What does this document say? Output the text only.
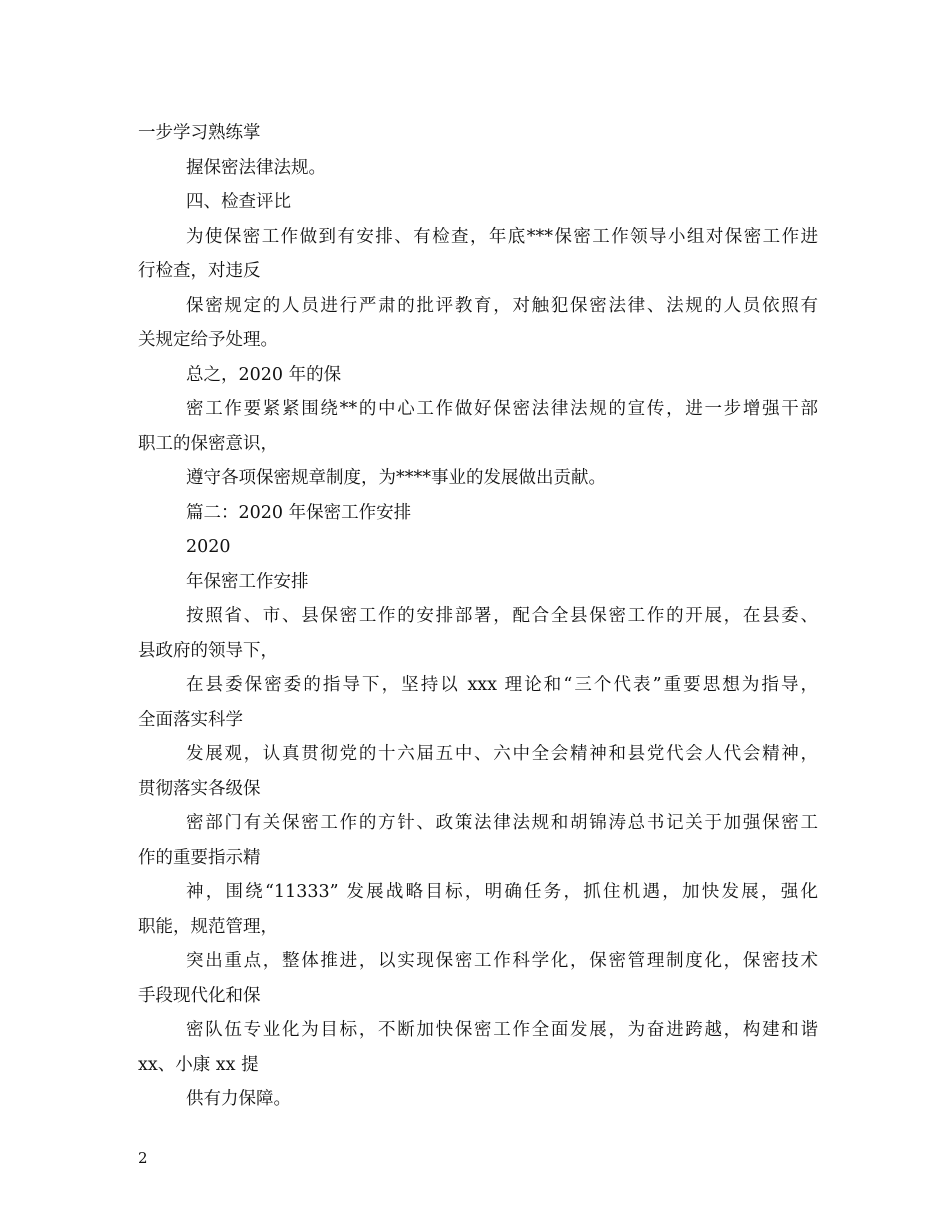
一步学习熟练掌

握保密法律法规。

四、检查评比

为使保密工作做到有安排、有检查，年底***保密工作领导小组对保密工作进
行检查，对违反

保密规定的人员进行严肃的批评教育，对触犯保密法律、法规的人员依照有
关规定给予处理。

总之，2020 年的保

密工作要紧紧围绕**的中心工作做好保密法律法规的宣传，进一步增强干部
职工的保密意识，

遵守各项保密规章制度，为****事业的发展做出贡献。

篇二：2020 年保密工作安排

2020

年保密工作安排

按照省、市、县保密工作的安排部署，配合全县保密工作的开展，在县委、
县政府的领导下，

在县委保密委的指导下，坚持以 xxx 理论和“三个代表”重要思想为指导，
全面落实科学

发展观，认真贯彻党的十六届五中、六中全会精神和县党代会人代会精神，
贯彻落实各级保

密部门有关保密工作的方针、政策法律法规和胡锦涛总书记关于加强保密工
作的重要指示精

神，围绕“11333” 发展战略目标，明确任务，抓住机遇，加快发展，强化
职能，规范管理，

突出重点，整体推进，以实现保密工作科学化，保密管理制度化，保密技术
手段现代化和保

密队伍专业化为目标，不断加快保密工作全面发展，为奋进跨越，构建和谐
xx、小康 xx 提

供有力保障。

2
